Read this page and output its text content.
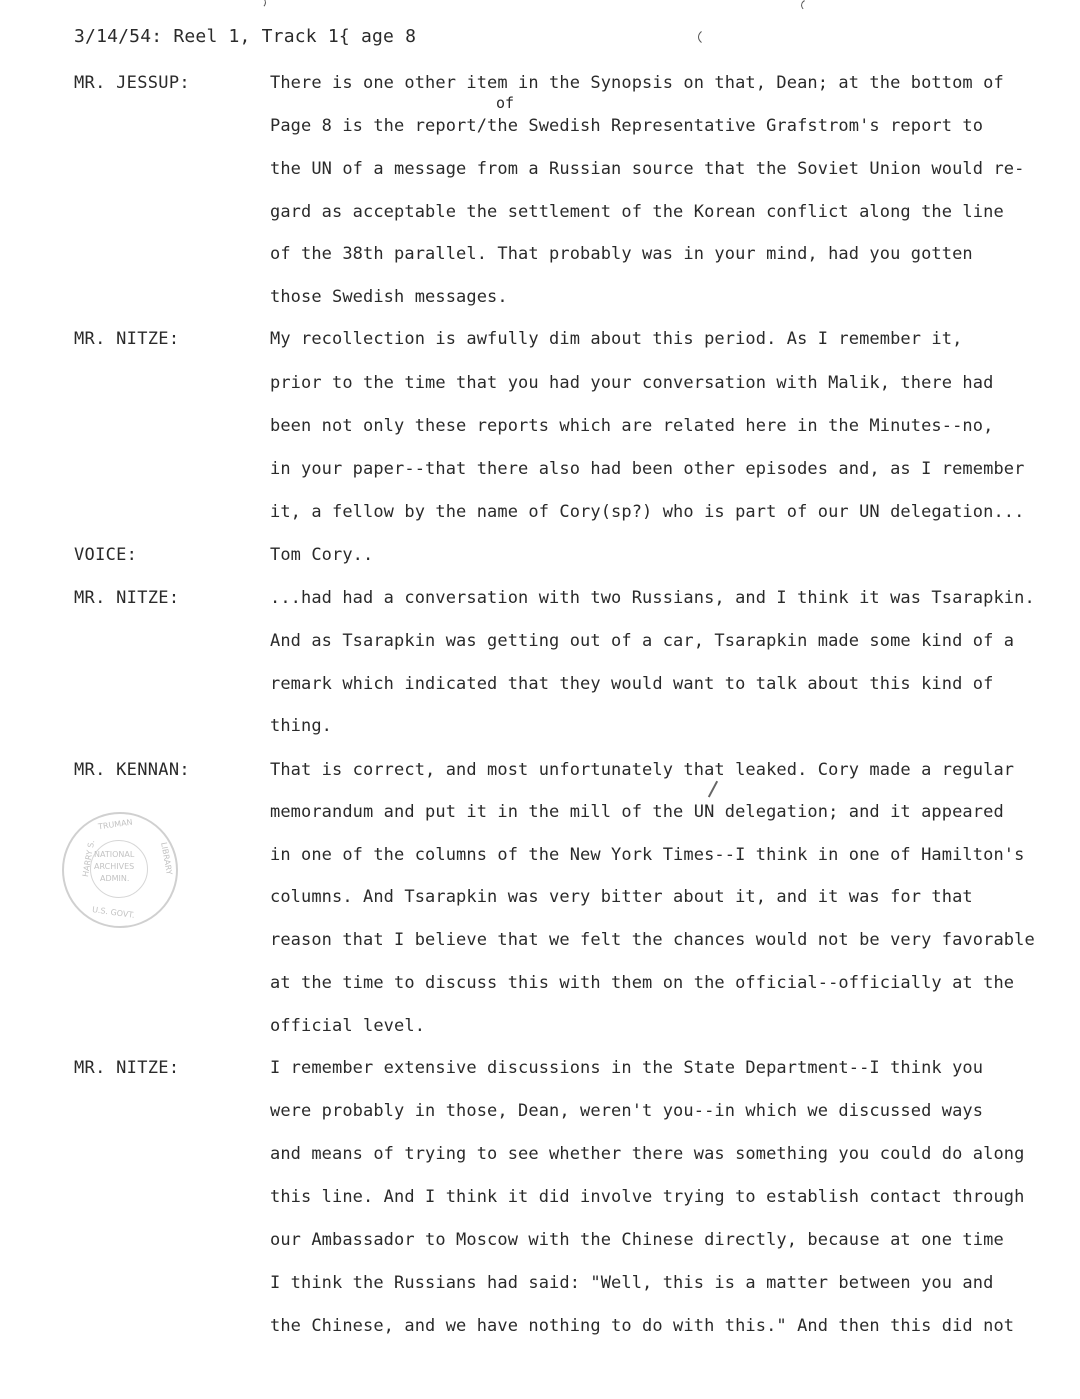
3/14/54: Reel 1, Track 1{ age 8
MR. JESSUP:	There is one other item in the Synopsis on that, Dean; at the bottom of
of
Page 8 is the report/the Swedish Representative Grafstrom's report to
the UN of a message from a Russian source that the Soviet Union would re-
gard as acceptable the settlement of the Korean conflict along the line
of the 38th parallel. That probably was in your mind, had you gotten
those Swedish messages.
MR. NITZE:	My recollection is awfully dim about this period. As I remember it,
prior to the time that you had your conversation with Malik, there had
been not only these reports which are related here in the Minutes--no,
in your paper--that there also had been other episodes and, as I remember
it, a fellow by the name of Cory(sp?) who is part of our UN delegation...
VOICE:	Tom Cory..
MR. NITZE:	...had had a conversation with two Russians, and I think it was Tsarapkin.
And as Tsarapkin was getting out of a car, Tsarapkin made some kind of a
remark which indicated that they would want to talk about this kind of
thing.
MR. KENNAN:	That is correct, and most unfortunately that leaked. Cory made a regular
memorandum and put it in the mill of the UN delegation; and it appeared
in one of the columns of the New York Times--I think in one of Hamilton's
columns. And Tsarapkin was very bitter about it, and it was for that
reason that I believe that we felt the chances would not be very favorable
at the time to discuss this with them on the official--officially at the
official level.
MR. NITZE:	I remember extensive discussions in the State Department--I think you
were probably in those, Dean, weren't you--in which we discussed ways
and means of trying to see whether there was something you could do along
this line. And I think it did involve trying to establish contact through
our Ambassador to Moscow with the Chinese directly, because at one time
I think the Russians had said: "Well, this is a matter between you and
the Chinese, and we have nothing to do with this." And then this did not
TRUMAN
HARRY S.	LIBRARY
NATIONAL
ARCHIVES
ADMIN.
U.S. GOVT.
